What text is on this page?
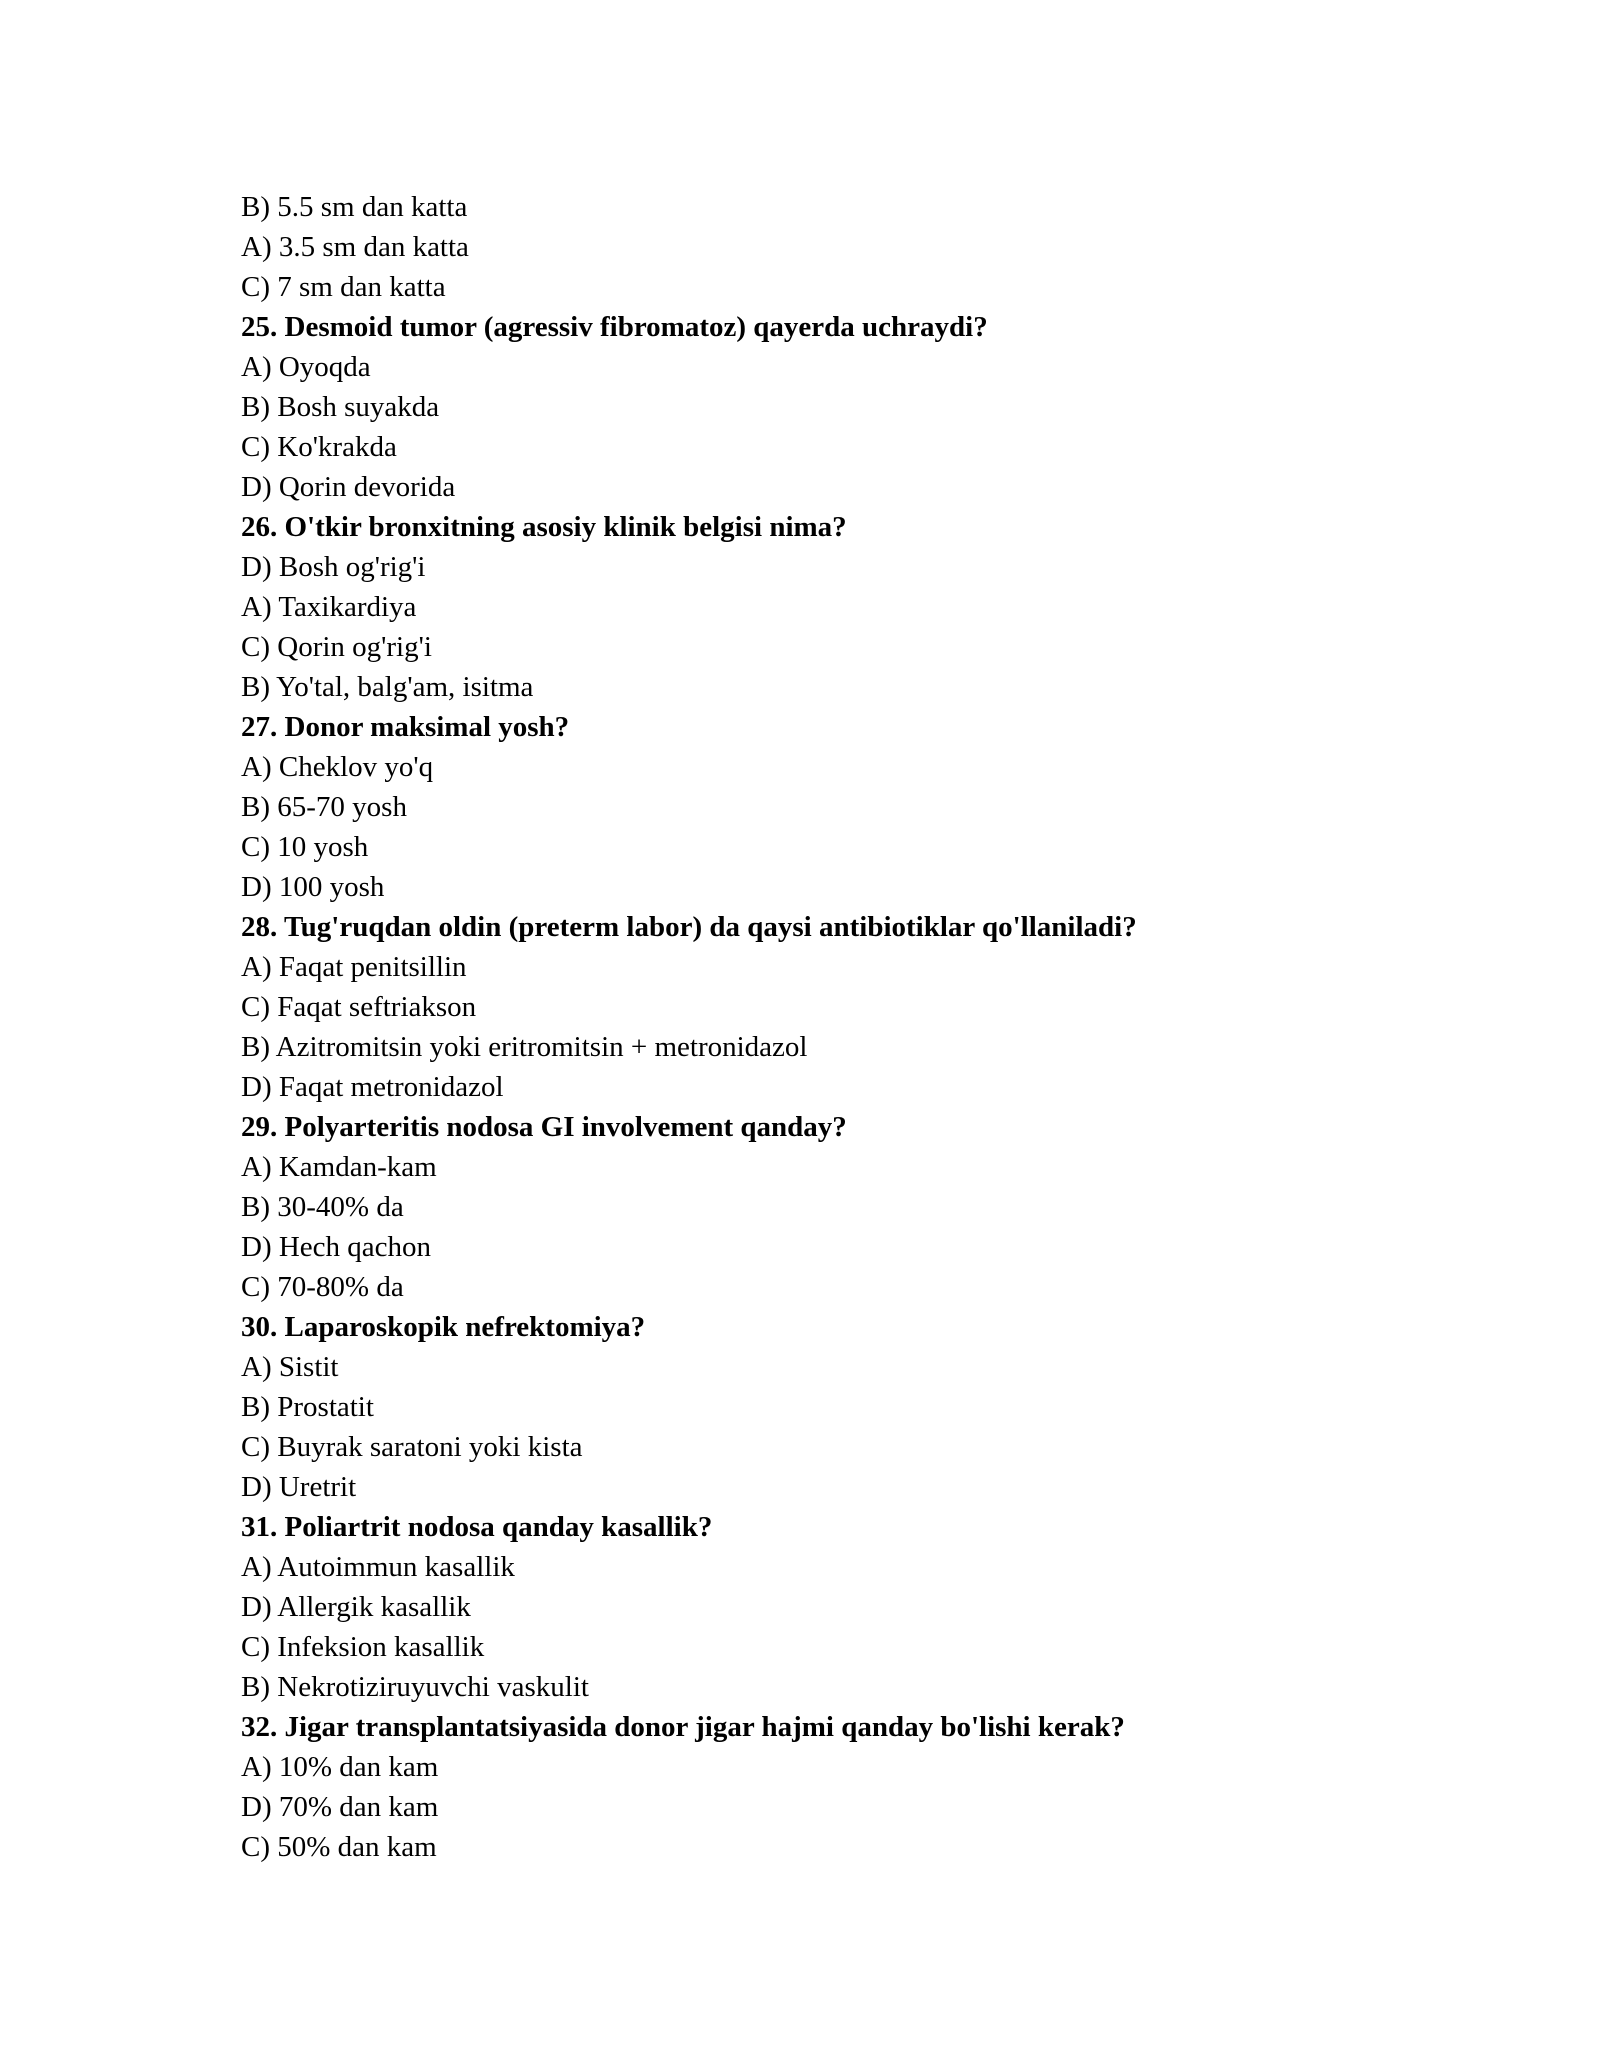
B) 5.5 sm dan katta
A) 3.5 sm dan katta
C) 7 sm dan katta
25. Desmoid tumor (agressiv fibromatoz) qayerda uchraydi?
A) Oyoqda
B) Bosh suyakda
C) Ko'krakda
D) Qorin devorida
26. O'tkir bronxitning asosiy klinik belgisi nima?
D) Bosh og'rig'i
A) Taxikardiya
C) Qorin og'rig'i
B) Yo'tal, balg'am, isitma
27. Donor maksimal yosh?
A) Cheklov yo'q
B) 65-70 yosh
C) 10 yosh
D) 100 yosh
28. Tug'ruqdan oldin (preterm labor) da qaysi antibiotiklar qo'llaniladi?
A) Faqat penitsillin
C) Faqat seftriakson
B) Azitromitsin yoki eritromitsin + metronidazol
D) Faqat metronidazol
29. Polyarteritis nodosa GI involvement qanday?
A) Kamdan-kam
B) 30-40% da
D) Hech qachon
C) 70-80% da
30. Laparoskopik nefrektomiya?
A) Sistit
B) Prostatit
C) Buyrak saratoni yoki kista
D) Uretrit
31. Poliartrit nodosa qanday kasallik?
A) Autoimmun kasallik
D) Allergik kasallik
C) Infeksion kasallik
B) Nekrotiziruyuvchi vaskulit
32. Jigar transplantatsiyasida donor jigar hajmi qanday bo'lishi kerak?
A) 10% dan kam
D) 70% dan kam
C) 50% dan kam
